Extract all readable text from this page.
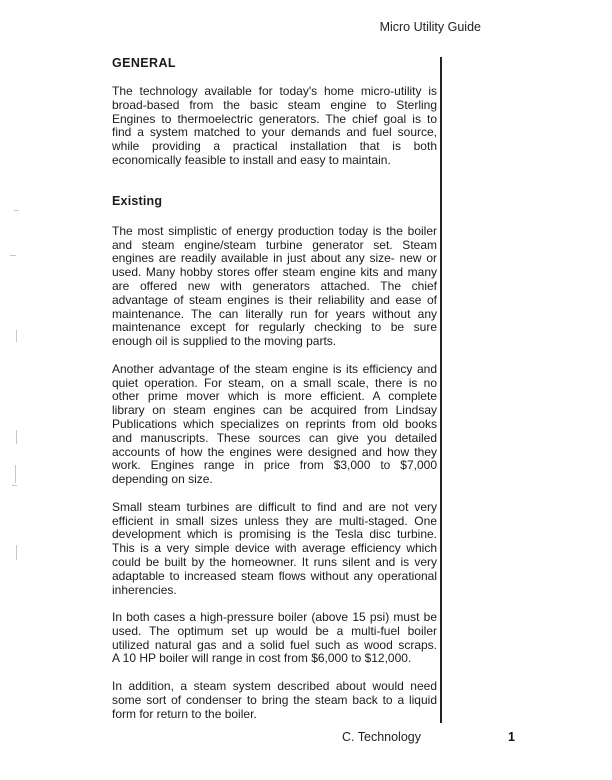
Micro Utility Guide
GENERAL
The technology available for today's home micro-utility is
broad-based from the basic steam engine to Sterling
Engines to thermoelectric generators. The chief goal is to
find a system matched to your demands and fuel source,
while providing a practical installation that is both
economically feasible to install and easy to maintain.
Existing
The most simplistic of energy production today is the boiler
and steam engine/steam turbine generator set. Steam
engines are readily available in just about any size- new or
used. Many hobby stores offer steam engine kits and many
are offered new with generators attached. The chief
advantage of steam engines is their reliability and ease of
maintenance. The can literally run for years without any
maintenance except for regularly checking to be sure
enough oil is supplied to the moving parts.
Another advantage of the steam engine is its efficiency and
quiet operation. For steam, on a small scale, there is no
other prime mover which is more efficient. A complete
library on steam engines can be acquired from Lindsay
Publications which specializes on reprints from old books
and manuscripts. These sources can give you detailed
accounts of how the engines were designed and how they
work. Engines range in price from $3,000 to $7,000
depending on size.
Small steam turbines are difficult to find and are not very
efficient in small sizes unless they are multi-staged. One
development which is promising is the Tesla disc turbine.
This is a very simple device with average efficiency which
could be built by the homeowner. It runs silent and is very
adaptable to increased steam flows without any operational
inherencies.
In both cases a high-pressure boiler (above 15 psi) must be
used. The optimum set up would be a multi-fuel boiler
utilized natural gas and a solid fuel such as wood scraps.
A 10 HP boiler will range in cost from $6,000 to $12,000.
In addition, a steam system described about would need
some sort of condenser to bring the steam back to a liquid
form for return to the boiler.
C. Technology	1
